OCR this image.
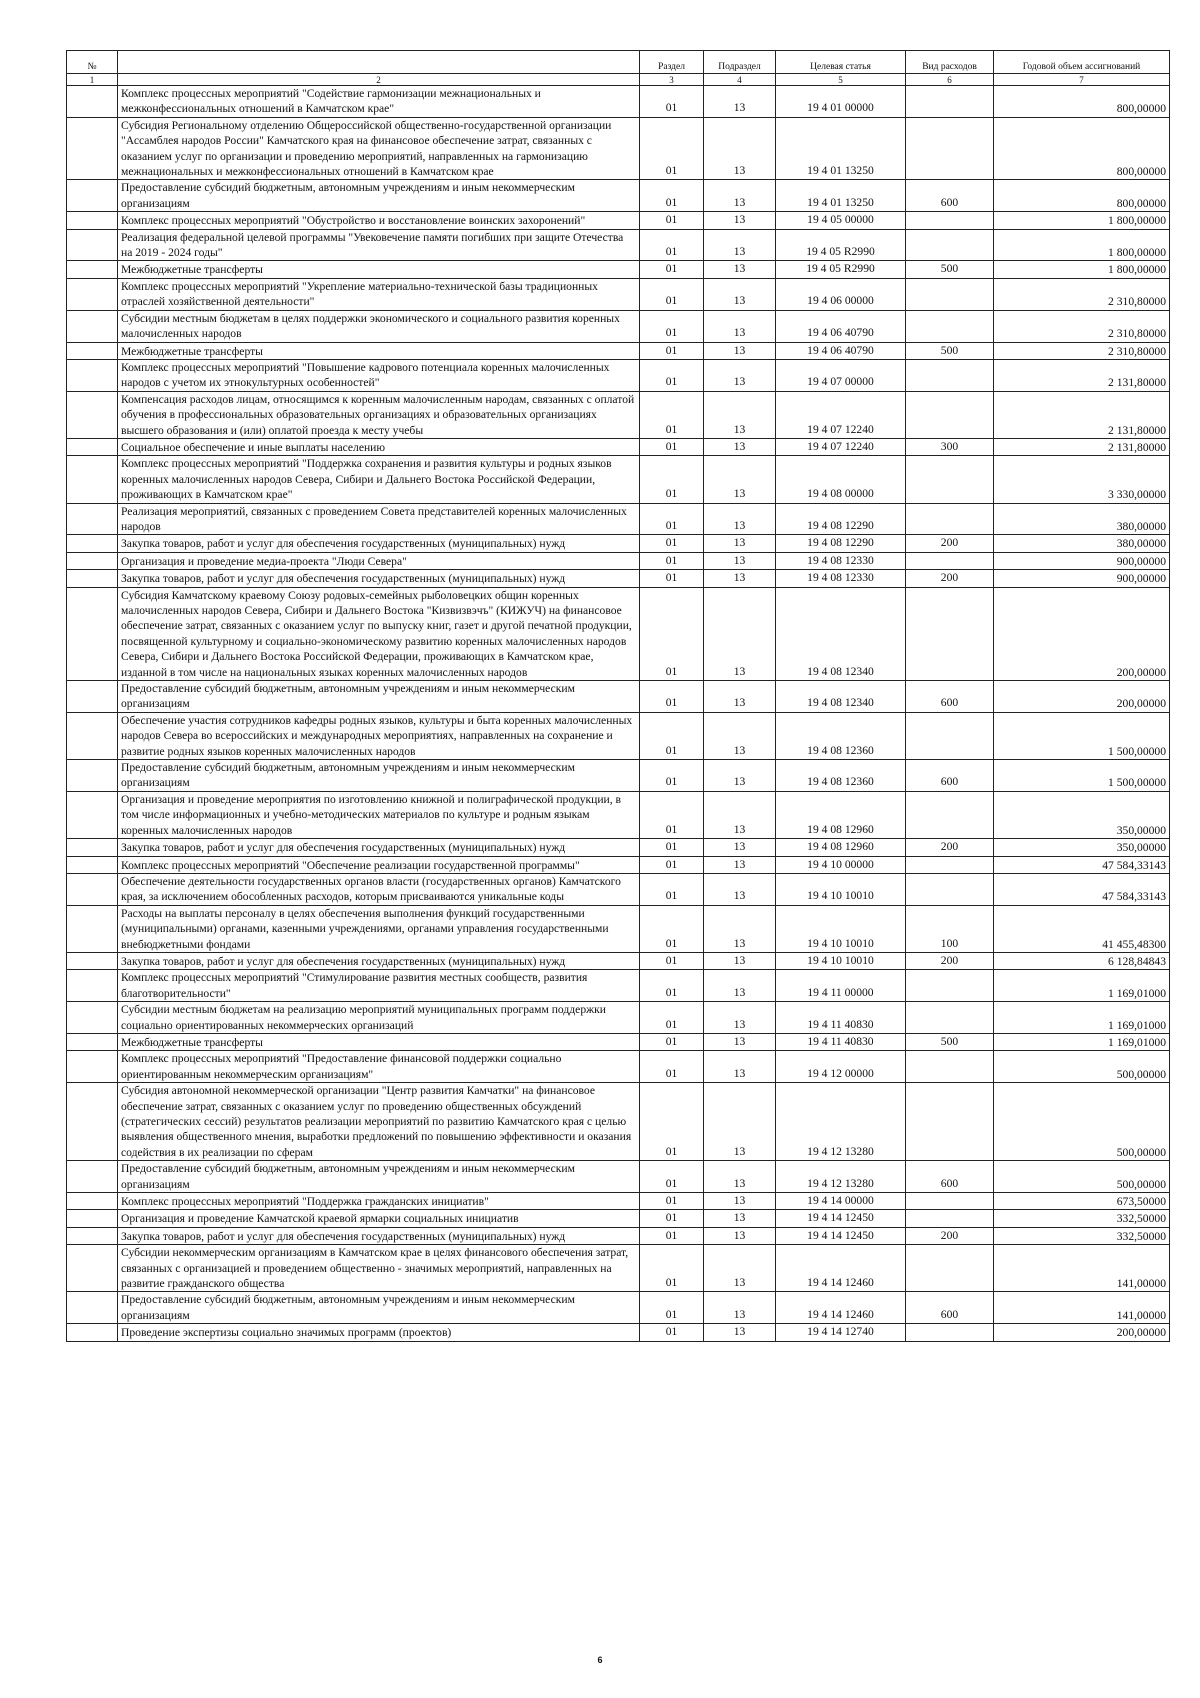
№		Раздел	Подраздел	Целевая статья	Вид расходов	Годовой объем ассигнований
1	2	3	4	5	6	7
	Комплекс процессных мероприятий "Содействие гармонизации межнациональных и межконфессиональных отношений в Камчатском крае"	01	13	19 4 01 00000		800,00000
	Субсидия Региональному отделению Общероссийской общественно-государственной организации "Ассамблея народов России" Камчатского края на финансовое обеспечение затрат, связанных с оказанием услуг по организации и проведению мероприятий, направленных на гармонизацию межнациональных и межконфессиональных отношений в Камчатском крае	01	13	19 4 01 13250		800,00000
	Предоставление субсидий бюджетным, автономным учреждениям и иным некоммерческим организациям	01	13	19 4 01 13250	600	800,00000
	Комплекс процессных мероприятий "Обустройство и восстановление воинских захоронений"	01	13	19 4 05 00000		1 800,00000
	Реализация федеральной целевой программы "Увековечение памяти погибших при защите Отечества на 2019 - 2024 годы"	01	13	19 4 05 R2990		1 800,00000
	Межбюджетные трансферты	01	13	19 4 05 R2990	500	1 800,00000
	Комплекс процессных мероприятий "Укрепление материально-технической базы традиционных отраслей хозяйственной деятельности"	01	13	19 4 06 00000		2 310,80000
	Субсидии местным бюджетам в целях поддержки экономического и социального развития коренных малочисленных народов	01	13	19 4 06 40790		2 310,80000
	Межбюджетные трансферты	01	13	19 4 06 40790	500	2 310,80000
	Комплекс процессных мероприятий "Повышение кадрового потенциала коренных малочисленных народов с учетом их этнокультурных особенностей"	01	13	19 4 07 00000		2 131,80000
	Компенсация расходов лицам, относящимся к коренным малочисленным народам, связанных с оплатой обучения в профессиональных образовательных организациях и образовательных организациях высшего образования и (или) оплатой проезда к месту учебы	01	13	19 4 07 12240		2 131,80000
	Социальное обеспечение и иные выплаты населению	01	13	19 4 07 12240	300	2 131,80000
	Комплекс процессных мероприятий "Поддержка сохранения и развития культуры и родных языков коренных малочисленных народов Севера, Сибири и Дальнего Востока Российской Федерации, проживающих в Камчатском крае"	01	13	19 4 08 00000		3 330,00000
	Реализация мероприятий, связанных с проведением Совета представителей коренных малочисленных народов	01	13	19 4 08 12290		380,00000
	Закупка товаров, работ и услуг для обеспечения государственных (муниципальных) нужд	01	13	19 4 08 12290	200	380,00000
	Организация и проведение медиа-проекта "Люди Севера"	01	13	19 4 08 12330		900,00000
	Закупка товаров, работ и услуг для обеспечения государственных (муниципальных) нужд	01	13	19 4 08 12330	200	900,00000
	Субсидия Камчатскому краевому Союзу родовых-семейных рыболовецких общин коренных малочисленных народов Севера, Сибири и Дальнего Востока "Кизвизвэчъ" (КИЖУЧ) на финансовое обеспечение затрат, связанных с оказанием услуг по выпуску книг, газет и другой печатной продукции, посвященной культурному и социально-экономическому развитию коренных малочисленных народов Севера, Сибири и Дальнего Востока Российской Федерации, проживающих в Камчатском крае, изданной в том числе на национальных языках коренных малочисленных народов	01	13	19 4 08 12340		200,00000
	Предоставление субсидий бюджетным, автономным учреждениям и иным некоммерческим организациям	01	13	19 4 08 12340	600	200,00000
	Обеспечение участия сотрудников кафедры родных языков, культуры и быта коренных малочисленных народов Севера во всероссийских и международных мероприятиях, направленных на сохранение и развитие родных языков коренных малочисленных народов	01	13	19 4 08 12360		1 500,00000
	Предоставление субсидий бюджетным, автономным учреждениям и иным некоммерческим организациям	01	13	19 4 08 12360	600	1 500,00000
	Организация и проведение мероприятия по изготовлению книжной и полиграфической продукции, в том числе информационных и учебно-методических материалов по культуре и родным языкам коренных малочисленных народов	01	13	19 4 08 12960		350,00000
	Закупка товаров, работ и услуг для обеспечения государственных (муниципальных) нужд	01	13	19 4 08 12960	200	350,00000
	Комплекс процессных мероприятий "Обеспечение реализации государственной программы"	01	13	19 4 10 00000		47 584,33143
	Обеспечение деятельности государственных органов власти (государственных органов) Камчатского края, за исключением обособленных расходов, которым присваиваются уникальные коды	01	13	19 4 10 10010		47 584,33143
	Расходы на выплаты персоналу в целях обеспечения выполнения функций государственными (муниципальными) органами, казенными учреждениями, органами управления государственными внебюджетными фондами	01	13	19 4 10 10010	100	41 455,48300
	Закупка товаров, работ и услуг для обеспечения государственных (муниципальных) нужд	01	13	19 4 10 10010	200	6 128,84843
	Комплекс процессных мероприятий "Стимулирование развития местных сообществ, развития благотворительности"	01	13	19 4 11 00000		1 169,01000
	Субсидии местным бюджетам на реализацию мероприятий муниципальных программ поддержки социально ориентированных некоммерческих организаций	01	13	19 4 11 40830		1 169,01000
	Межбюджетные трансферты	01	13	19 4 11 40830	500	1 169,01000
	Комплекс процессных мероприятий "Предоставление финансовой поддержки социально ориентированным некоммерческим организациям"	01	13	19 4 12 00000		500,00000
	Субсидия автономной некоммерческой организации "Центр развития Камчатки" на финансовое обеспечение затрат, связанных с оказанием услуг по проведению общественных обсуждений (стратегических сессий) результатов реализации мероприятий по развитию Камчатского края с целью выявления общественного мнения, выработки предложений по повышению эффективности и оказания содействия в их реализации по сферам	01	13	19 4 12 13280		500,00000
	Предоставление субсидий бюджетным, автономным учреждениям и иным некоммерческим организациям	01	13	19 4 12 13280	600	500,00000
	Комплекс процессных мероприятий "Поддержка гражданских инициатив"	01	13	19 4 14 00000		673,50000
	Организация и проведение Камчатской краевой ярмарки социальных инициатив	01	13	19 4 14 12450		332,50000
	Закупка товаров, работ и услуг для обеспечения государственных (муниципальных) нужд	01	13	19 4 14 12450	200	332,50000
	Субсидии некоммерческим организациям в Камчатском крае в целях финансового обеспечения затрат, связанных с организацией и проведением общественно - значимых мероприятий, направленных на развитие гражданского общества	01	13	19 4 14 12460		141,00000
	Предоставление субсидий бюджетным, автономным учреждениям и иным некоммерческим организациям	01	13	19 4 14 12460	600	141,00000
	Проведение экспертизы социально значимых программ (проектов)	01	13	19 4 14 12740		200,00000
6
